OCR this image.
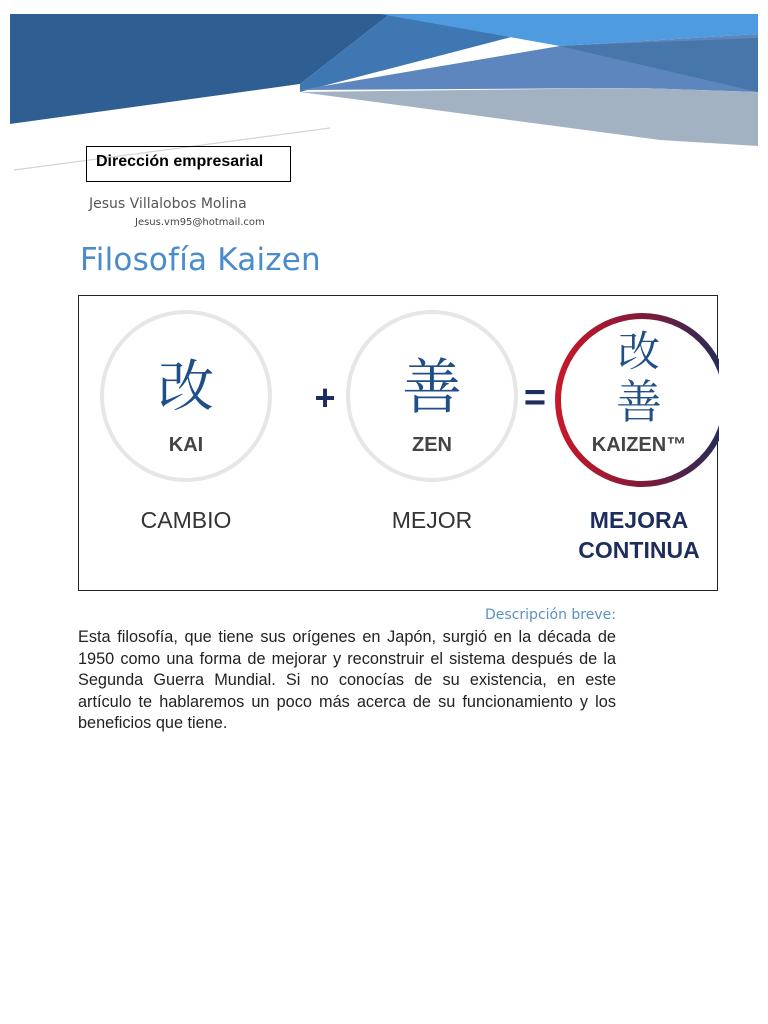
Dirección empresarial
Jesus Villalobos Molina
Jesus.vm95@hotmail.com
Filosofía Kaizen
改
KAI
CAMBIO
+ 善
ZEN
MEJOR
=
改
善
KAIZEN™
MEJORA
CONTINUA
Descripción breve:

Esta filosofía, que tiene sus orígenes en Japón, surgió en la década de 1950 como una forma de mejorar y reconstruir el sistema después de la Segunda Guerra Mundial. Si no conocías de su existencia, en este artículo te hablaremos un poco más acerca de su funcionamiento y los beneficios que tiene.
